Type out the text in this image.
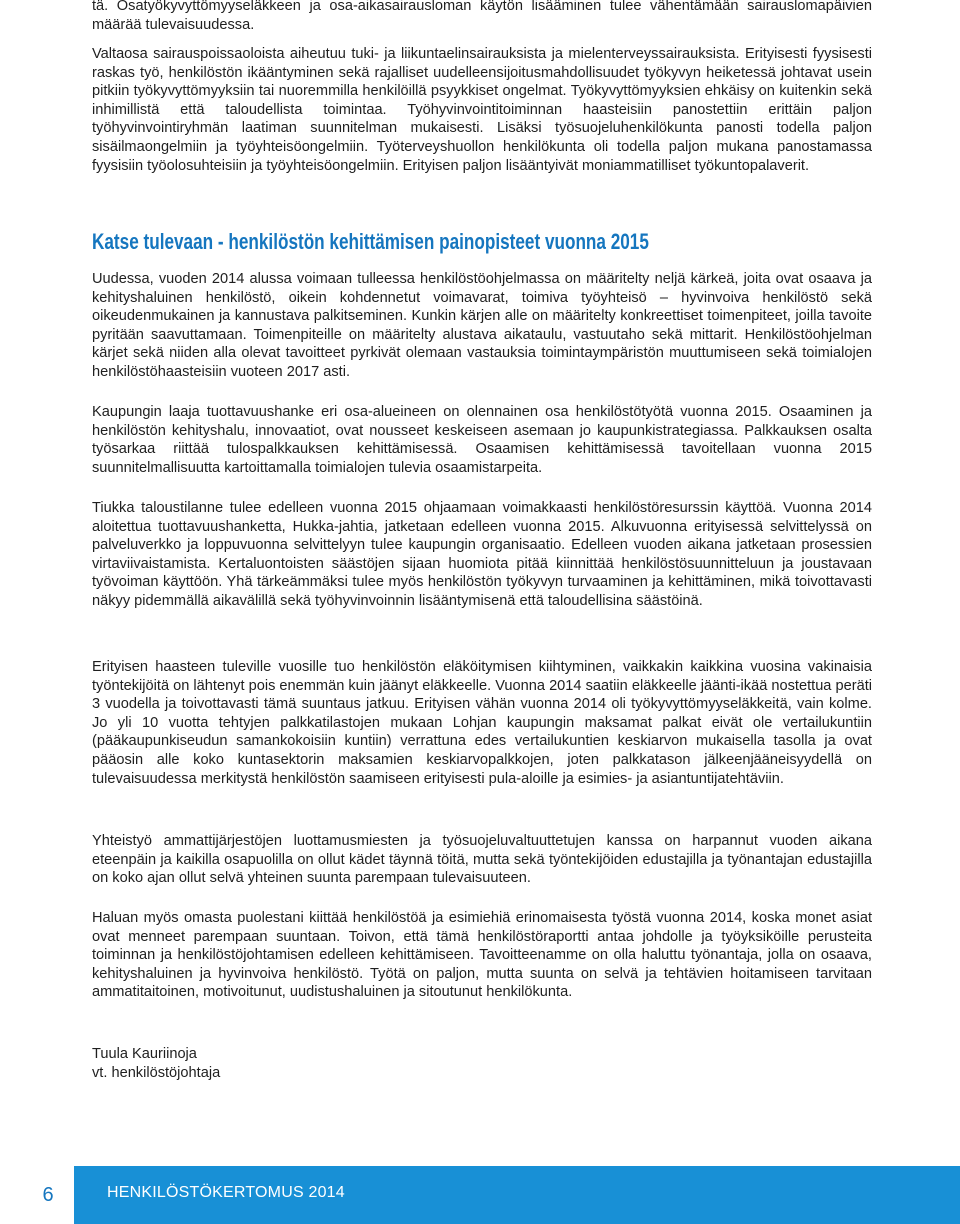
tä. Osatyökyvyttömyyseläkkeen ja osa-aikasairausloman käytön lisääminen tulee vähentämään sairauslomapäivien määrää tulevaisuudessa.

Valtaosa sairauspoissaoloista aiheutuu tuki- ja liikuntaelinsairauksista ja mielenterveyssairauksista. Erityisesti fyysisesti raskas työ, henkilöstön ikääntyminen sekä rajalliset uudelleensijoitusmahdollisuudet työkyvyn heiketessä johtavat usein pitkiin työkyvyttömyyksiin tai nuoremmilla henkilöillä psyykkiset ongelmat. Työkyvyttömyyksien ehkäisy on kuitenkin sekä inhimillistä että taloudellista toimintaa. Työhyvinvointitoiminnan haasteisiin panostettiin erittäin paljon työhyvinvointiryhmän laatiman suunnitelman mukaisesti. Lisäksi työsuojeluhenkilökunta panosti todella paljon sisäilmaongelmiin ja työyhteisöongelmiin. Työterveyshuollon henkilökunta oli todella paljon mukana panostamassa fyysisiin työolosuhteisiin ja työyhteisöongelmiin. Erityisen paljon lisääntyivät moniammatilliset työkuntopalaverit.

Katse tulevaan - henkilöstön kehittämisen painopisteet vuonna 2015

Uudessa, vuoden 2014 alussa voimaan tulleessa henkilöstöohjelmassa on määritelty neljä kärkeä, joita ovat osaava ja kehityshaluinen henkilöstö, oikein kohdennetut voimavarat, toimiva työyhteisö – hyvinvoiva henkilöstö sekä oikeudenmukainen ja kannustava palkitseminen. Kunkin kärjen alle on määritelty konkreettiset toimenpiteet, joilla tavoite pyritään saavuttamaan. Toimenpiteille on määritelty alustava aikataulu, vastuutaho sekä mittarit. Henkilöstöohjelman kärjet sekä niiden alla olevat tavoitteet pyrkivät olemaan vastauksia toimintaympäristön muuttumiseen sekä toimialojen henkilöstöhaasteisiin vuoteen 2017 asti.

Kaupungin laaja tuottavuushanke eri osa-alueineen on olennainen osa henkilöstötyötä vuonna 2015. Osaaminen ja henkilöstön kehityshalu, innovaatiot, ovat nousseet keskeiseen asemaan jo kaupunkistrategiassa. Palkkauksen osalta työsarkaa riittää tulospalkkauksen kehittämisessä. Osaamisen kehittämisessä tavoitellaan vuonna 2015 suunnitelmallisuutta kartoittamalla toimialojen tulevia osaamistarpeita.

Tiukka taloustilanne tulee edelleen vuonna 2015 ohjaamaan voimakkaasti henkilöstöresurssin käyttöä. Vuonna 2014 aloitettua tuottavuushanketta, Hukka-jahtia, jatketaan edelleen vuonna 2015. Alkuvuonna erityisessä selvittelyssä on palveluverkko ja loppuvuonna selvittelyyn tulee kaupungin organisaatio. Edelleen vuoden aikana jatketaan prosessien virtaviivaistamista. Kertaluontoisten säästöjen sijaan huomiota pitää kiinnittää henkilöstösuunnitteluun ja joustavaan työvoiman käyttöön. Yhä tärkeämmäksi tulee myös henkilöstön työkyvyn turvaaminen ja kehittäminen, mikä toivottavasti näkyy pidemmällä aikavälillä sekä työhyvinvoinnin lisääntymisenä että taloudellisina säästöinä.

Erityisen haasteen tuleville vuosille tuo henkilöstön eläköitymisen kiihtyminen, vaikkakin kaikkina vuosina vakinaisia työntekijöitä on lähtenyt pois enemmän kuin jäänyt eläkkeelle. Vuonna 2014 saatiin eläkkeelle jäänti-ikää nostettua peräti 3 vuodella ja toivottavasti tämä suuntaus jatkuu. Erityisen vähän vuonna 2014 oli työkyvyttömyyseläkkeitä, vain kolme. Jo yli 10 vuotta tehtyjen palkkatilastojen mukaan Lohjan kaupungin maksamat palkat eivät ole vertailukuntiin (pääkaupunkiseudun samankokoisiin kuntiin) verrattuna edes vertailukuntien keskiarvon mukaisella tasolla ja ovat pääosin alle koko kuntasektorin maksamien keskiarvopalkkojen, joten palkkatason jälkeenjääneisyydellä on tulevaisuudessa merkitystä henkilöstön saamiseen erityisesti pula-aloille ja esimies- ja asiantuntijatehtäviin.

Yhteistyö ammattijärjestöjen luottamusmiesten ja työsuojeluvaltuuttetujen kanssa on harpannut vuoden aikana eteenpäin ja kaikilla osapuolilla on ollut kädet täynnä töitä, mutta sekä työntekijöiden edustajilla ja työnantajan edustajilla on koko ajan ollut selvä yhteinen suunta parempaan tulevaisuuteen.

Haluan myös omasta puolestani kiittää henkilöstöä ja esimiehiä erinomaisesta työstä vuonna 2014, koska monet asiat ovat menneet parempaan suuntaan. Toivon, että tämä henkilöstöraportti antaa johdolle ja työyksiköille perusteita toiminnan ja henkilöstöjohtamisen edelleen kehittämiseen. Tavoitteenamme on olla haluttu työnantaja, jolla on osaava, kehityshaluinen ja hyvinvoiva henkilöstö. Työtä on paljon, mutta suunta on selvä ja tehtävien hoitamiseen tarvitaan ammatitaitoinen, motivoitunut, uudistushaluinen ja sitoutunut henkilökunta.

Tuula Kauriinoja

vt. henkilöstöjohtaja

6	HENKILÖSTÖKERTOMUS 2014
